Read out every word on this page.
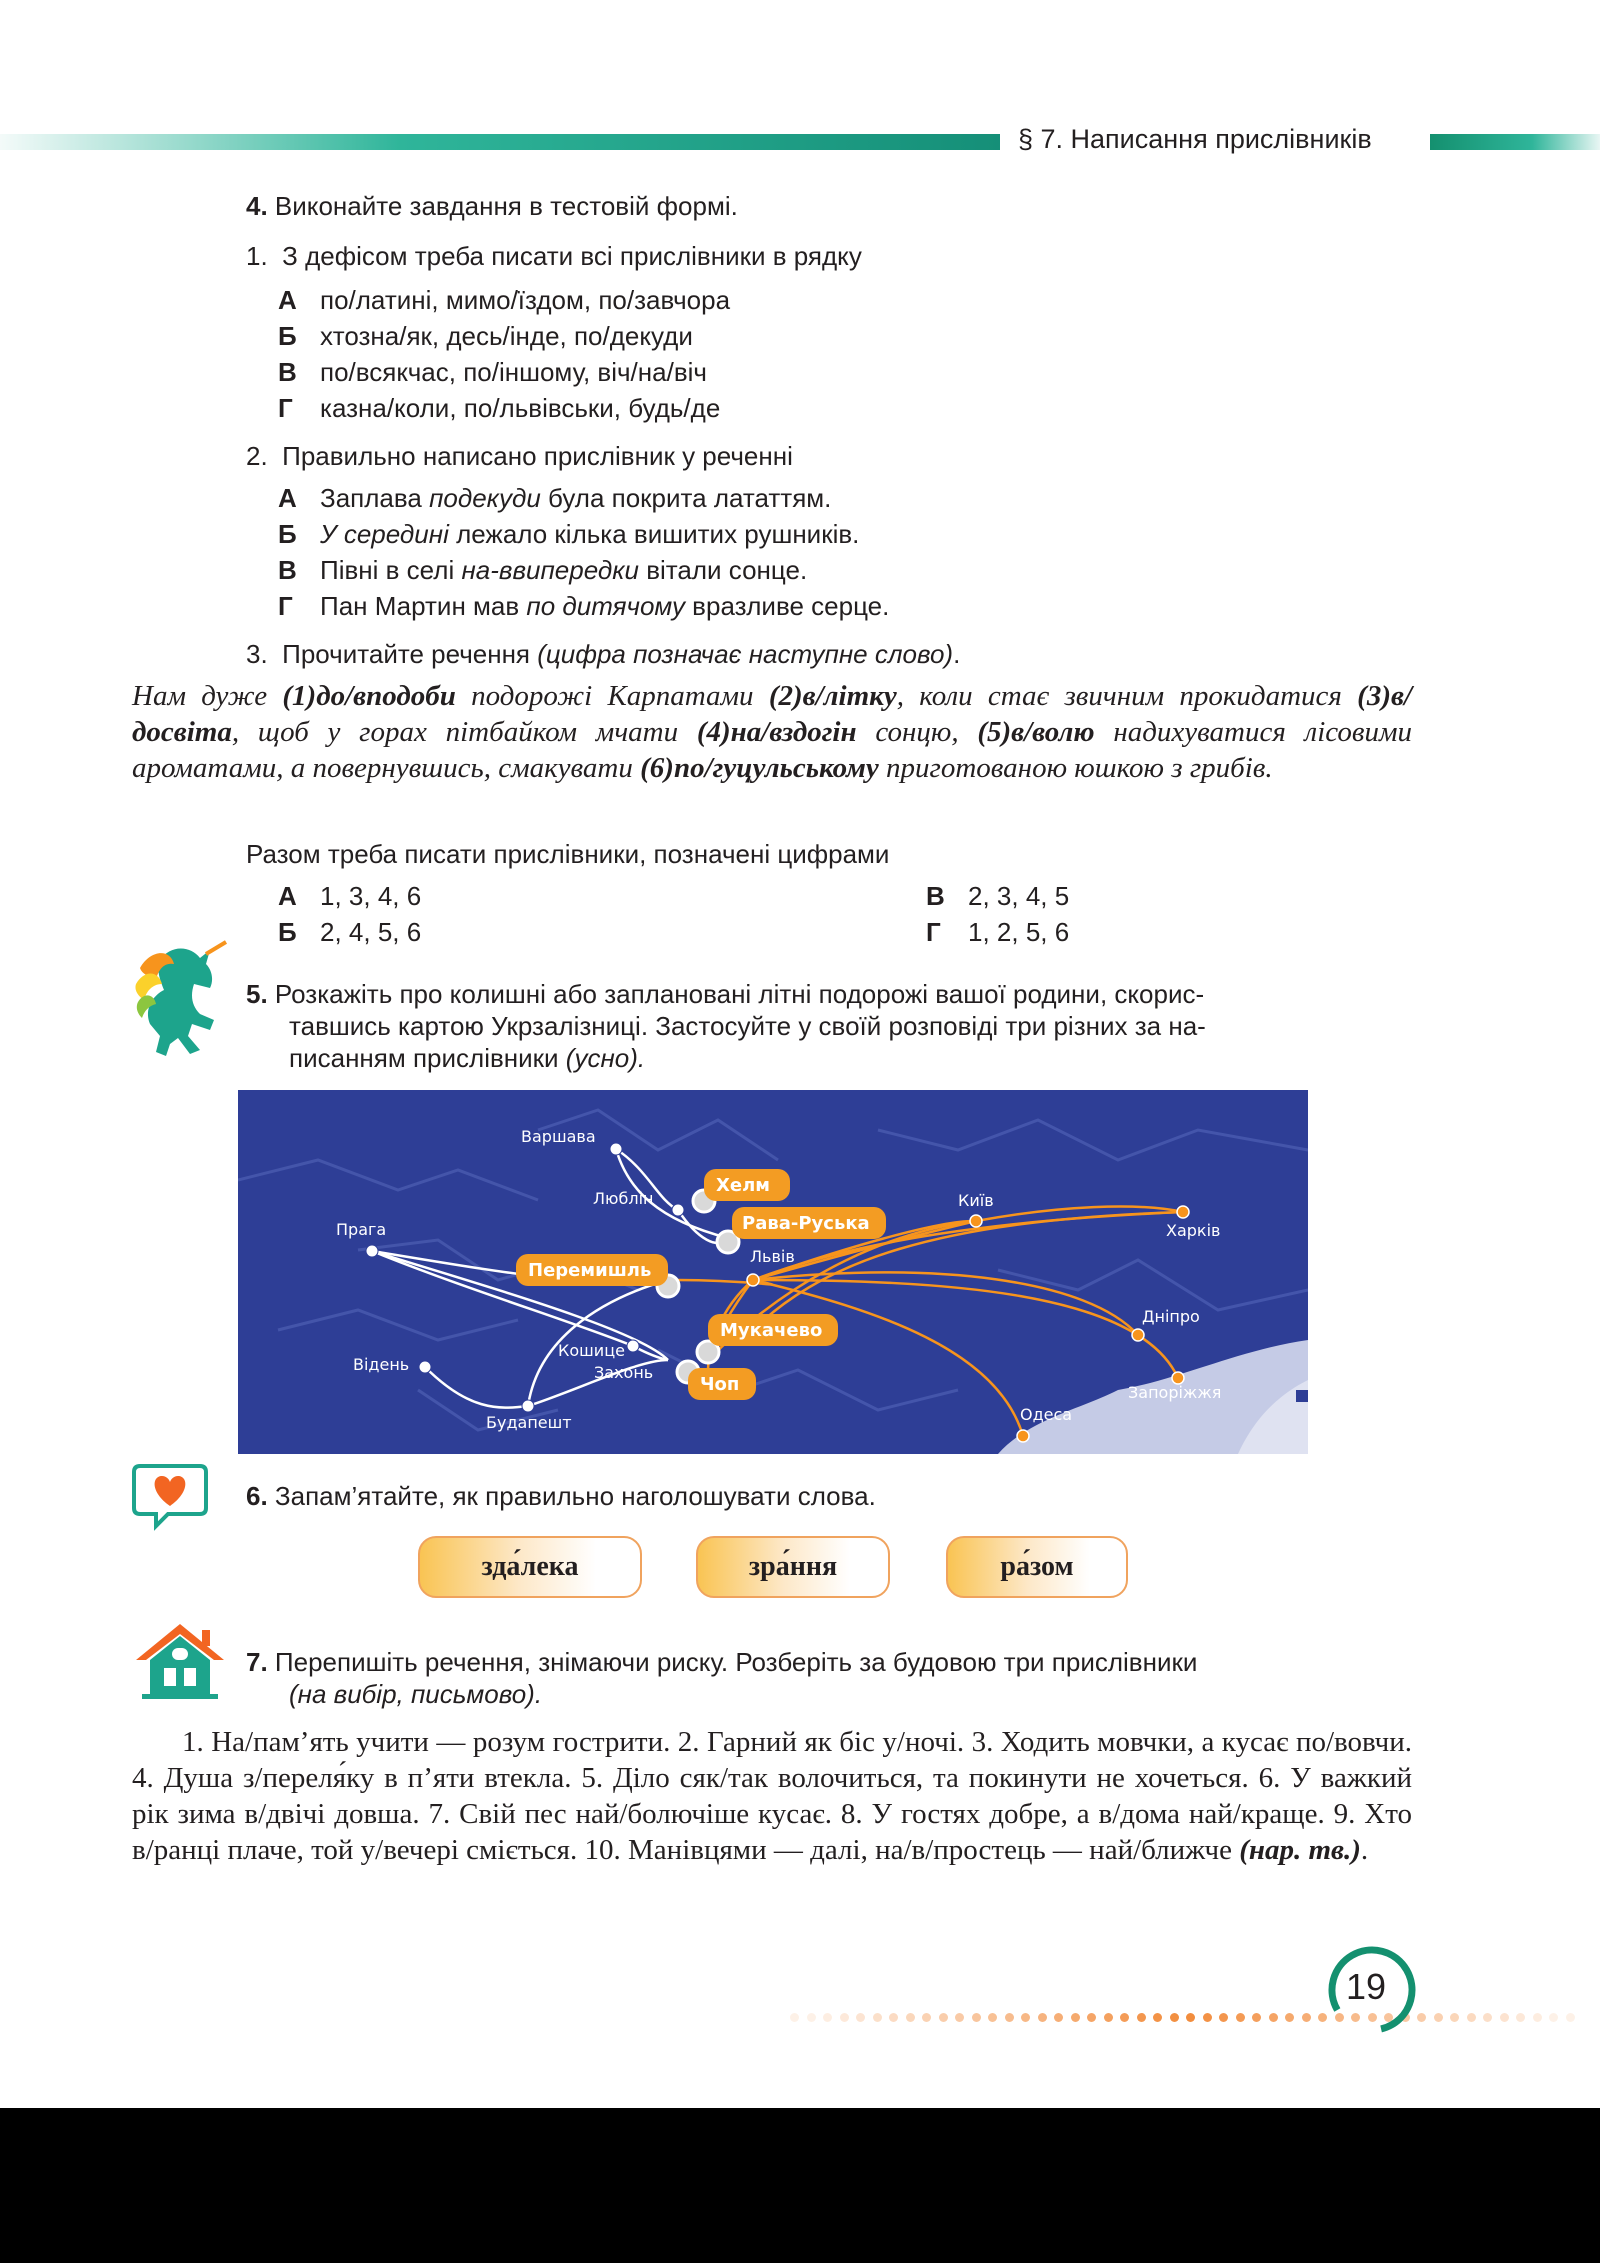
§ 7. Написання прислівників
4. Виконайте завдання в тестовій формі.
1. З дефісом треба писати всі прислівники в рядку
А по/латині, мимо/їздом, по/завчора
Б хтозна/як, десь/інде, по/декуди
В по/всякчас, по/іншому, віч/на/віч
Г казна/коли, по/львівськи, будь/де
2. Правильно написано прислівник у реченні
А Заплава подекуди була покрита лататтям.
Б У середині лежало кілька вишитих рушників.
В Півні в селі на-ввипередки вітали сонце.
Г Пан Мартин мав по дитячому вразливе серце.
3. Прочитайте речення (цифра позначає наступне слово).
Нам дуже (1)до/вподоби подорожі Карпатами (2)в/літку, коли стає звичним прокидатися (3)в/досвіта, щоб у горах пітбайком мчати (4)на/вздогін сонцю, (5)в/волю надихуватися лісовими ароматами, а повернувшись, смакувати (6)по/гуцульському приготованою юшкою з грибів.
Разом треба писати прислівники, позначені цифрами
А 1, 3, 4, 6
Б 2, 4, 5, 6
В 2, 3, 4, 5
Г 1, 2, 5, 6
5. Розкажіть про колишні або заплановані літні подорожі вашої родини, скорис-
тавшись картою Укрзалізниці. Застосуйте у своїй розповіді три різних за на-
писанням прислівники (усно).
Варшава
Люблін
Прага
Відень
Кошице
Захонь
Будапешт
Львів
Київ
Харків
Дніпро
Запоріжжя
Одеса
Хелм
Рава-Руська
Перемишль
Мукачево
Чоп
6. Запам’ятайте, як правильно наголошувати слова.
зда́лека	зра́ння	ра́зом
7. Перепишіть речення, знімаючи риску. Розберіть за будовою три прислівники
(на вибір, письмово).
1. На/пам’ять учити — розум гострити. 2. Гарний як біс у/ночі. 3. Ходить мовчки, а кусає по/вовчи. 4. Душа з/переля́ку в п’яти втекла. 5. Діло сяк/так волочиться, та покинути не хочеться. 6. У важкий рік зима в/двічі довша. 7. Свій пес най/болючіше кусає. 8. У гостях добре, а в/дома най/краще. 9. Хто в/ранці плаче, той у/вечері сміється. 10. Манівцями — далі, на/в/простець — най/ближче (нар. тв.).
19
